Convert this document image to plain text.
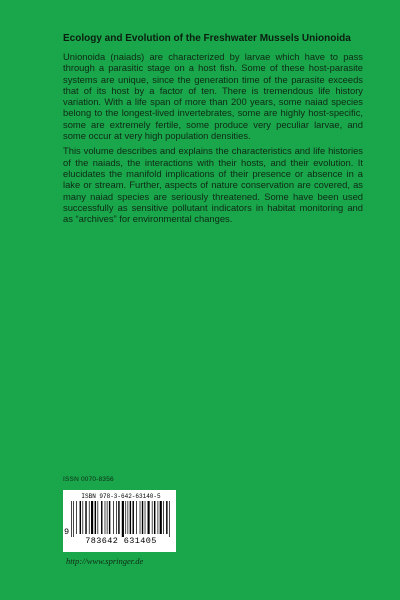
Ecology and Evolution of the Freshwater Mussels Unionoida

Unionoida (naiads) are characterized by larvae which have to pass through a parasitic stage on a host fish. Some of these host-parasite systems are unique, since the generation time of the parasite exceeds that of its host by a factor of ten. There is tremendous life history variation. With a life span of more than 200 years, some naiad species belong to the longest-lived invertebrates, some are highly host-specific, some are extremely fertile, some produce very peculiar larvae, and some occur at very high population densities.

This volume describes and explains the characteristics and life histories of the naiads, the interactions with their hosts, and their evolution. It elucidates the manifold implications of their presence or absence in a lake or stream. Further, aspects of nature conservation are covered, as many naiad species are seriously threatened. Some have been used successfully as sensitive pollutant indicators in habitat monitoring and as “archives” for environmental changes.

ISSN 0070-8356
ISBN 978-3-642-63140-5
9
783642 631405
http://www.springer.de
